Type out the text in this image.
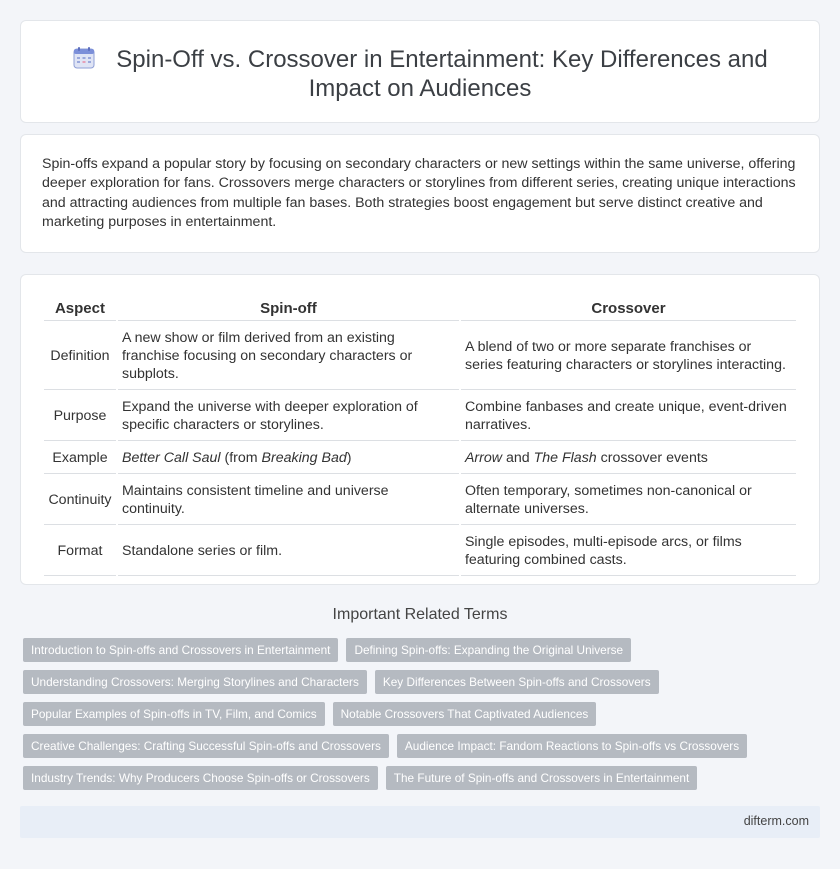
Spin-Off vs. Crossover in Entertainment: Key Differences and Impact on Audiences

Spin-offs expand a popular story by focusing on secondary characters or new settings within the same universe, offering deeper exploration for fans. Crossovers merge characters or storylines from different series, creating unique interactions and attracting audiences from multiple fan bases. Both strategies boost engagement but serve distinct creative and marketing purposes in entertainment.

Aspect	Spin-off	Crossover
Definition	A new show or film derived from an existing franchise focusing on secondary characters or subplots.	A blend of two or more separate franchises or series featuring characters or storylines interacting.
Purpose	Expand the universe with deeper exploration of specific characters or storylines.	Combine fanbases and create unique, event-driven narratives.
Example	Better Call Saul (from Breaking Bad)	Arrow and The Flash crossover events
Continuity	Maintains consistent timeline and universe continuity.	Often temporary, sometimes non-canonical or alternate universes.
Format	Standalone series or film.	Single episodes, multi-episode arcs, or films featuring combined casts.
Important Related Terms
Introduction to Spin-offs and Crossovers in Entertainment	Defining Spin-offs: Expanding the Original Universe
Understanding Crossovers: Merging Storylines and Characters	Key Differences Between Spin-offs and Crossovers
Popular Examples of Spin-offs in TV, Film, and Comics	Notable Crossovers That Captivated Audiences
Creative Challenges: Crafting Successful Spin-offs and Crossovers	Audience Impact: Fandom Reactions to Spin-offs vs Crossovers
Industry Trends: Why Producers Choose Spin-offs or Crossovers	The Future of Spin-offs and Crossovers in Entertainment
difterm.com
